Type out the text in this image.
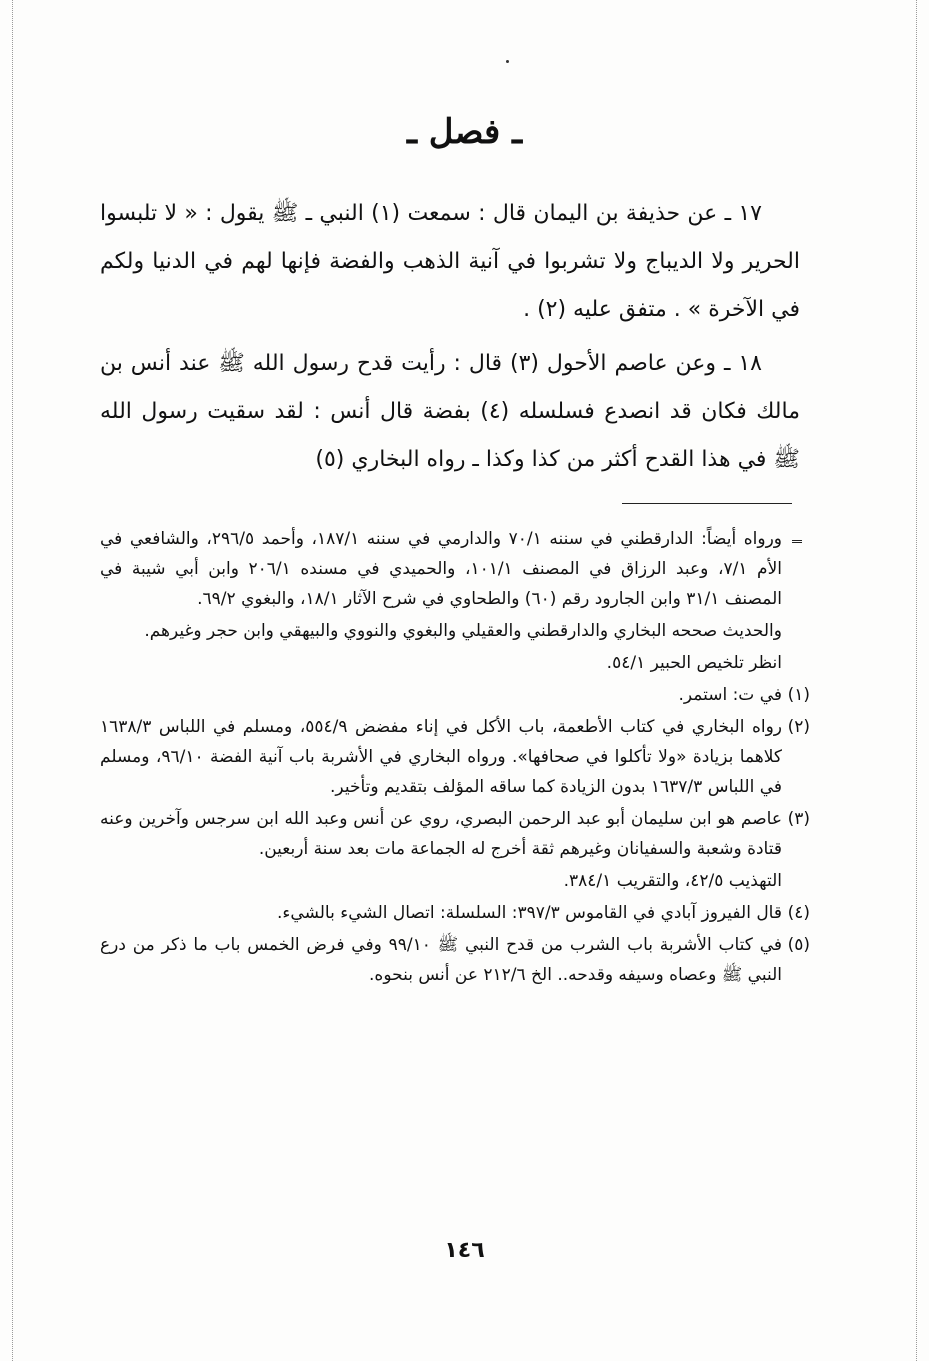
ـ فصل ـ

١٧ ـ عن حذيفة بن اليمان قال : سمعت (١) النبي ـ ﷺ يقول : « لا تلبسوا الحرير ولا الديباج ولا تشربوا في آنية الذهب والفضة فإنها لهم في الدنيا ولكم في الآخرة » . متفق عليه (٢) .

١٨ ـ وعن عاصم الأحول (٣) قال : رأيت قدح رسول الله ﷺ عند أنس بن مالك فكان قد انصدع فسلسله (٤) بفضة قال أنس : لقد سقيت رسول الله ﷺ في هذا القدح أكثر من كذا وكذا ـ رواه البخاري (٥)

ورواه أيضاً: الدارقطني في سننه ٧٠/١ والدارمي في سننه ١٨٧/١، وأحمد ٢٩٦/٥، والشافعي في الأم ٧/١، وعبد الرزاق في المصنف ١٠١/١، والحميدي في مسنده ٢٠٦/١ وابن أبي شيبة في المصنف ٣١/١ وابن الجارود رقم (٦٠) والطحاوي في شرح الآثار ١٨/١، والبغوي ٦٩/٢.
والحديث صححه البخاري والدارقطني والعقيلي والبغوي والنووي والبيهقي وابن حجر وغيرهم.
انظر تلخيص الحبير ٥٤/١.
(١)
في ت: استمر.
(٢)
رواه البخاري في كتاب الأطعمة، باب الأكل في إناء مفضض ٥٥٤/٩، ومسلم في اللباس ١٦٣٨/٣ كلاهما بزيادة «ولا تأكلوا في صحافها». ورواه البخاري في الأشربة باب آنية الفضة ٩٦/١٠، ومسلم في اللباس ١٦٣٧/٣ بدون الزيادة كما ساقه المؤلف بتقديم وتأخير.
(٣)
عاصم هو ابن سليمان أبو عبد الرحمن البصري، روي عن أنس وعبد الله ابن سرجس وآخرين وعنه قتادة وشعبة والسفيانان وغيرهم ثقة أخرج له الجماعة مات بعد سنة أربعين.
التهذيب ٤٢/٥، والتقريب ٣٨٤/١.
(٤)
قال الفيروز آبادي في القاموس ٣٩٧/٣: السلسلة: اتصال الشيء بالشيء.
(٥)
في كتاب الأشربة باب الشرب من قدح النبي ﷺ ٩٩/١٠ وفي فرض الخمس باب ما ذكر من درع النبي ﷺ وعصاه وسيفه وقدحه.. الخ ٢١٢/٦ عن أنس بنحوه.
١٤٦
